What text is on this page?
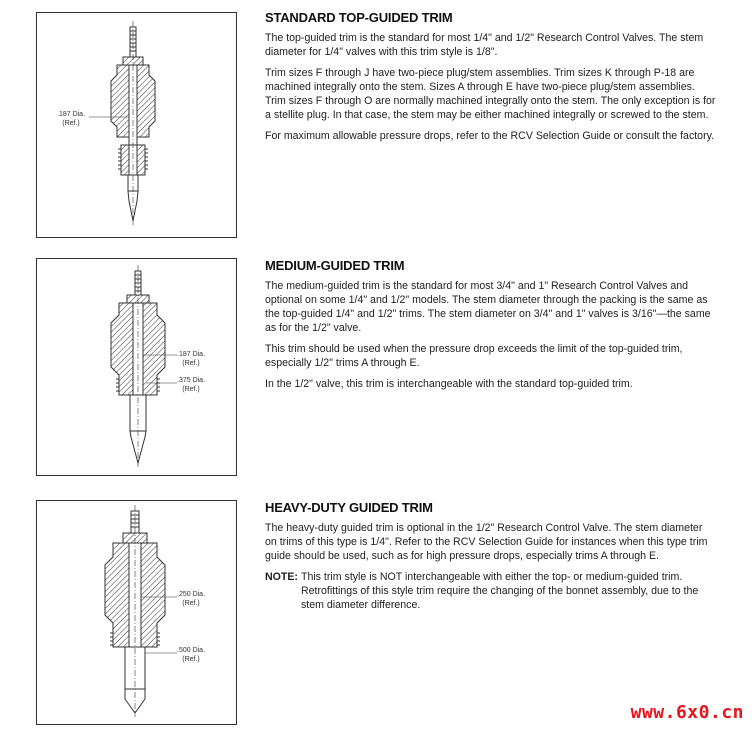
.187 Dia.
(Ref.)
.187 Dia.
(Ref.)
.375 Dia.
(Ref.)
.250 Dia.
(Ref.)
.500 Dia.
(Ref.)
STANDARD TOP-GUIDED TRIM

The top-guided trim is the standard for most 1/4" and 1/2" Research Control Valves. The stem diameter for 1/4" valves with this trim style is 1/8".

Trim sizes F through J have two-piece plug/stem assemblies. Trim sizes K through P-18 are machined integrally onto the stem. Sizes A through E have two-piece plug/stem assemblies. Trim sizes F through O are normally machined integrally onto the stem. The only exception is for a stellite plug. In that case, the stem may be either machined integrally or screwed to the stem.

For maximum allowable pressure drops, refer to the RCV Selection Guide or consult the factory.

MEDIUM-GUIDED TRIM

The medium-guided trim is the standard for most 3/4" and 1" Research Control Valves and optional on some 1/4" and 1/2" models. The stem diameter through the packing is the same as the top-guided 1/4" and 1/2" trims. The stem diameter on 3/4" and 1" valves is 3/16"—the same as for the 1/2" valve.

This trim should be used when the pressure drop exceeds the limit of the top-guided trim, especially 1/2" trims A through E.

In the 1/2" valve, this trim is interchangeable with the standard top-guided trim.

HEAVY-DUTY GUIDED TRIM

The heavy-duty guided trim is optional in the 1/2" Research Control Valve. The stem diameter on trims of this type is 1/4". Refer to the RCV Selection Guide for instances when this type trim guide should be used, such as for high pressure drops, especially trims A through E.

NOTE: This trim style is NOT interchangeable with either the top- or medium-guided trim. Retrofittings of this style trim require the changing of the bonnet assembly, due to the stem diameter difference.
www.6x0.cn
